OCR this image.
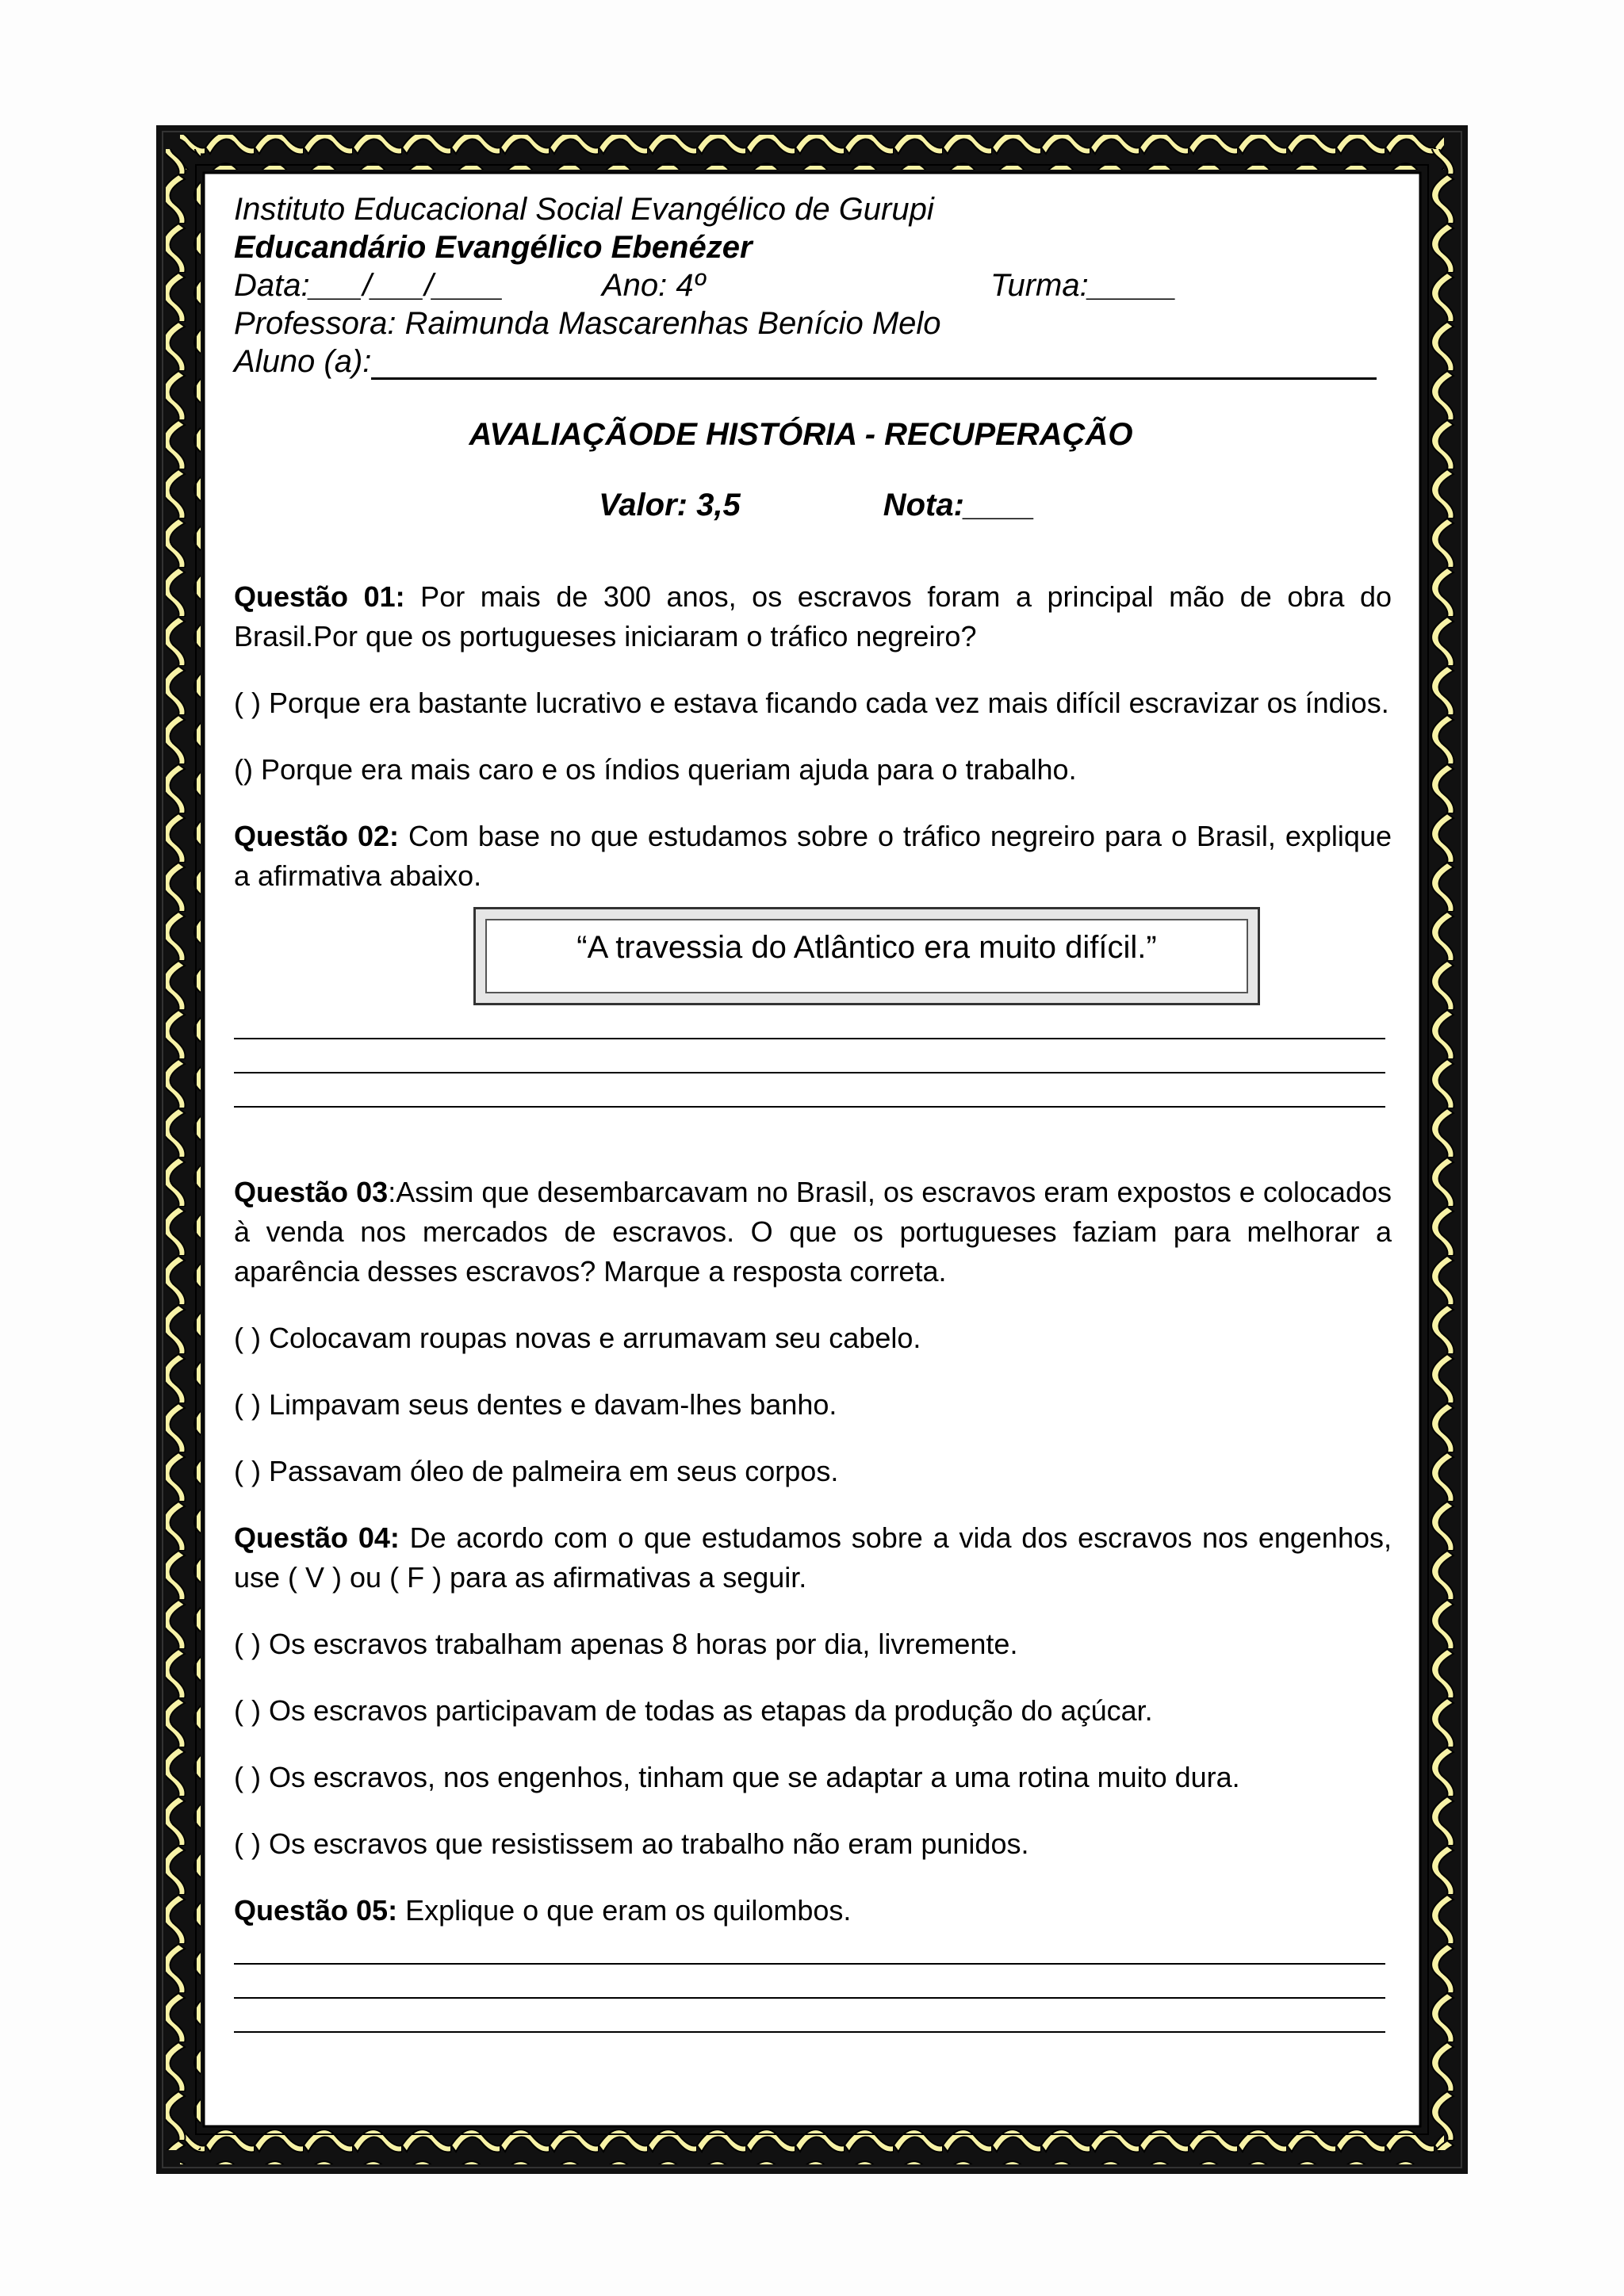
Instituto Educacional Social Evangélico de Gurupi
Educandário Evangélico Ebenézer
Data:___/___/____	Ano: 4º	Turma:_____
Professora: Raimunda Mascarenhas Benício Melo
Aluno (a):
AVALIAÇÃODE HISTÓRIA - RECUPERAÇÃO
Valor: 3,5	Nota:____
Questão 01: Por mais de 300 anos, os escravos foram a principal mão de obra do Brasil.Por que os portugueses iniciaram o tráfico negreiro?
( ) Porque era bastante lucrativo e estava ficando cada vez mais difícil escravizar os índios.
() Porque era mais caro e os índios queriam ajuda para o trabalho.
Questão 02: Com base no que estudamos sobre o tráfico negreiro para o Brasil, explique a afirmativa abaixo.
“A travessia do Atlântico era muito difícil.”
Questão 03:Assim que desembarcavam no Brasil, os escravos eram expostos e colocados à venda nos mercados de escravos. O que os portugueses faziam para melhorar a aparência desses escravos? Marque a resposta correta.
( ) Colocavam roupas novas e arrumavam seu cabelo.
( ) Limpavam seus dentes e davam-lhes banho.
( ) Passavam óleo de palmeira em seus corpos.
Questão 04: De acordo com o que estudamos sobre a vida dos escravos nos engenhos, use ( V ) ou ( F ) para as afirmativas a seguir.
( ) Os escravos trabalham apenas 8 horas por dia, livremente.
( ) Os escravos participavam de todas as etapas da produção do açúcar.
( ) Os escravos, nos engenhos, tinham que se adaptar a uma rotina muito dura.
( ) Os escravos que resistissem ao trabalho não eram punidos.
Questão 05: Explique o que eram os quilombos.
